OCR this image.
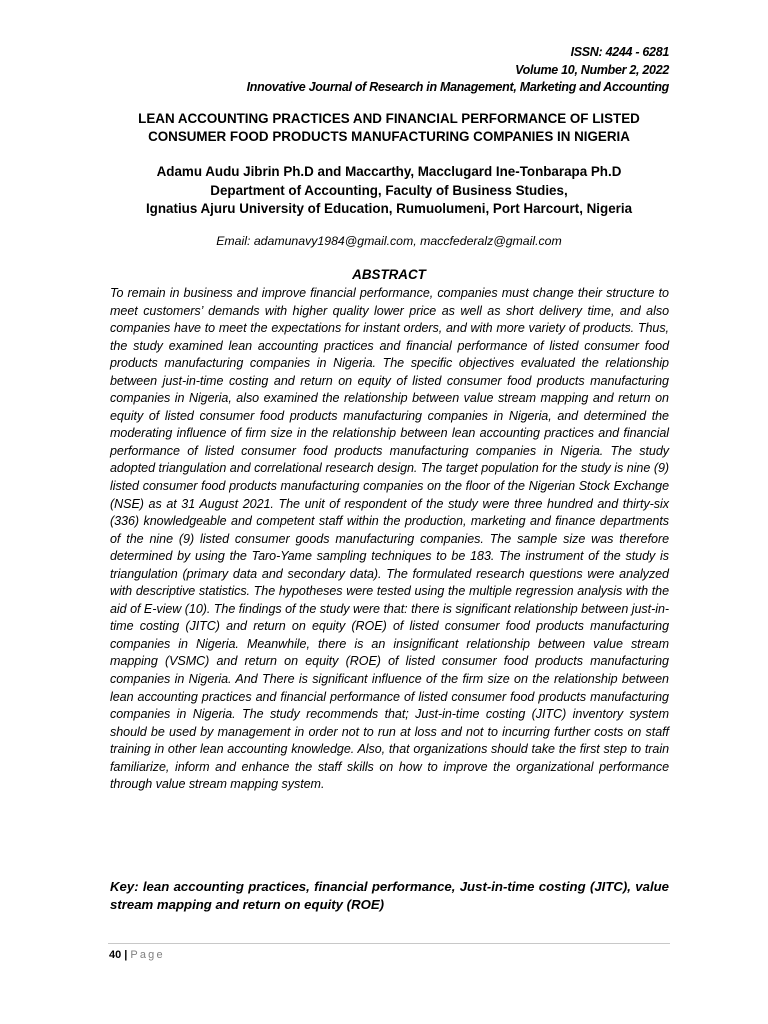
ISSN: 4244 - 6281
Volume 10, Number 2, 2022
Innovative Journal of Research in Management, Marketing and Accounting
LEAN ACCOUNTING PRACTICES AND FINANCIAL PERFORMANCE OF LISTED
CONSUMER FOOD PRODUCTS MANUFACTURING COMPANIES IN NIGERIA
Adamu Audu Jibrin Ph.D and Maccarthy, Macclugard Ine-Tonbarapa Ph.D
Department of Accounting, Faculty of Business Studies,
Ignatius Ajuru University of Education, Rumuolumeni, Port Harcourt, Nigeria
Email: adamunavy1984@gmail.com, maccfederalz@gmail.com
ABSTRACT
To remain in business and improve financial performance, companies must change their structure to meet customers’ demands with higher quality lower price as well as short delivery time, and also companies have to meet the expectations for instant orders, and with more variety of products. Thus, the study examined lean accounting practices and financial performance of listed consumer food products manufacturing companies in Nigeria. The specific objectives evaluated the relationship between just-in-time costing and return on equity of listed consumer food products manufacturing companies in Nigeria, also examined the relationship between value stream mapping and return on equity of listed consumer food products manufacturing companies in Nigeria, and determined the moderating influence of firm size in the relationship between lean accounting practices and financial performance of listed consumer food products manufacturing companies in Nigeria. The study adopted triangulation and correlational research design. The target population for the study is nine (9) listed consumer food products manufacturing companies on the floor of the Nigerian Stock Exchange (NSE) as at 31 August 2021. The unit of respondent of the study were three hundred and thirty-six (336) knowledgeable and competent staff within the production, marketing and finance departments of the nine (9) listed consumer goods manufacturing companies. The sample size was therefore determined by using the Taro-Yame sampling techniques to be 183. The instrument of the study is triangulation (primary data and secondary data). The formulated research questions were analyzed with descriptive statistics. The hypotheses were tested using the multiple regression analysis with the aid of E-view (10). The findings of the study were that: there is significant relationship between just-in-time costing (JITC) and return on equity (ROE) of listed consumer food products manufacturing companies in Nigeria. Meanwhile, there is an insignificant relationship between value stream mapping (VSMC) and return on equity (ROE) of listed consumer food products manufacturing companies in Nigeria. And There is significant influence of the firm size on the relationship between lean accounting practices and financial performance of listed consumer food products manufacturing companies in Nigeria. The study recommends that; Just-in-time costing (JITC) inventory system should be used by management in order not to run at loss and not to incurring further costs on staff training in other lean accounting knowledge. Also, that organizations should take the first step to train familiarize, inform and enhance the staff skills on how to improve the organizational performance through value stream mapping system.
Key: lean accounting practices, financial performance, Just-in-time costing (JITC), value stream mapping and return on equity (ROE)
40 | Page
